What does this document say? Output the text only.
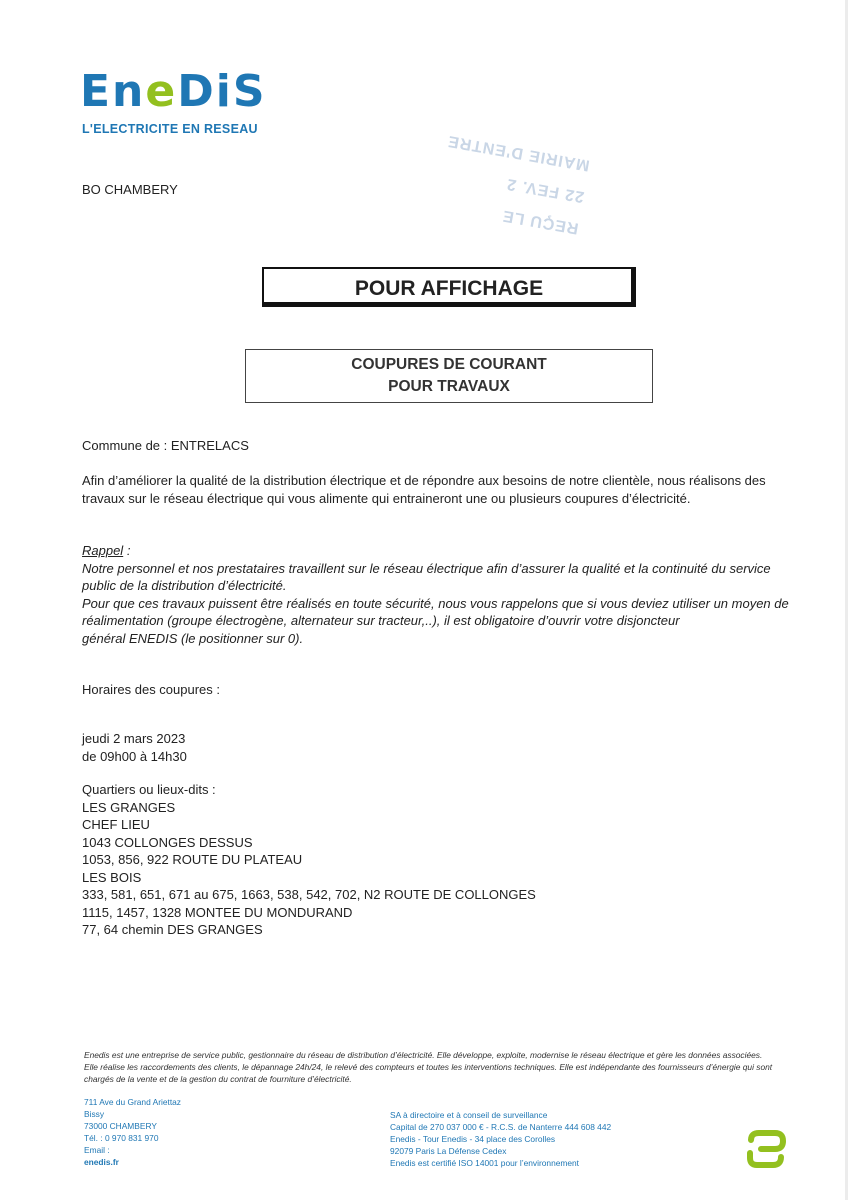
EneDiS
L'ELECTRICITE EN RESEAU
BO CHAMBERY
REÇU LE
22 FEV. 2
MAIRIE D'ENTRE
POUR AFFICHAGE
COUPURES DE COURANT
POUR TRAVAUX
Commune de : ENTRELACS
Afin d’améliorer la qualité de la distribution électrique et de répondre aux besoins de notre clientèle, nous réalisons des travaux sur le réseau électrique qui vous alimente qui entraineront une ou plusieurs coupures d’électricité.
Rappel :
Notre personnel et nos prestataires travaillent sur le réseau électrique afin d’assurer la qualité et la continuité du service public de la distribution d’électricité.
Pour que ces travaux puissent être réalisés en toute sécurité, nous vous rappelons que si vous deviez utiliser un moyen de réalimentation (groupe électrogène, alternateur sur tracteur,..), il est obligatoire d’ouvrir votre disjoncteur
général ENEDIS (le positionner sur 0).
Horaires des coupures :
jeudi 2 mars 2023
de 09h00 à 14h30
Quartiers ou lieux-dits :
LES GRANGES
CHEF LIEU
1043 COLLONGES DESSUS
1053, 856, 922 ROUTE DU PLATEAU
LES BOIS
333, 581, 651, 671 au 675, 1663, 538, 542, 702, N2 ROUTE DE COLLONGES
1115, 1457, 1328 MONTEE DU MONDURAND
77, 64 chemin DES GRANGES
Enedis est une entreprise de service public, gestionnaire du réseau de distribution d’électricité. Elle développe, exploite, modernise le réseau électrique et gère les données associées. Elle réalise les raccordements des clients, le dépannage 24h/24, le relevé des compteurs et toutes les interventions techniques. Elle est indépendante des fournisseurs d’énergie qui sont chargés de la vente et de la gestion du contrat de fourniture d’électricité.
711 Ave du Grand Ariettaz
Bissy
73000 CHAMBERY
Tél. : 0 970 831 970
Email :
enedis.fr
SA à directoire et à conseil de surveillance
Capital de 270 037 000 € - R.C.S. de Nanterre 444 608 442
Enedis - Tour Enedis - 34 place des Corolles
92079 Paris La Défense Cedex
Enedis est certifié ISO 14001 pour l’environnement
